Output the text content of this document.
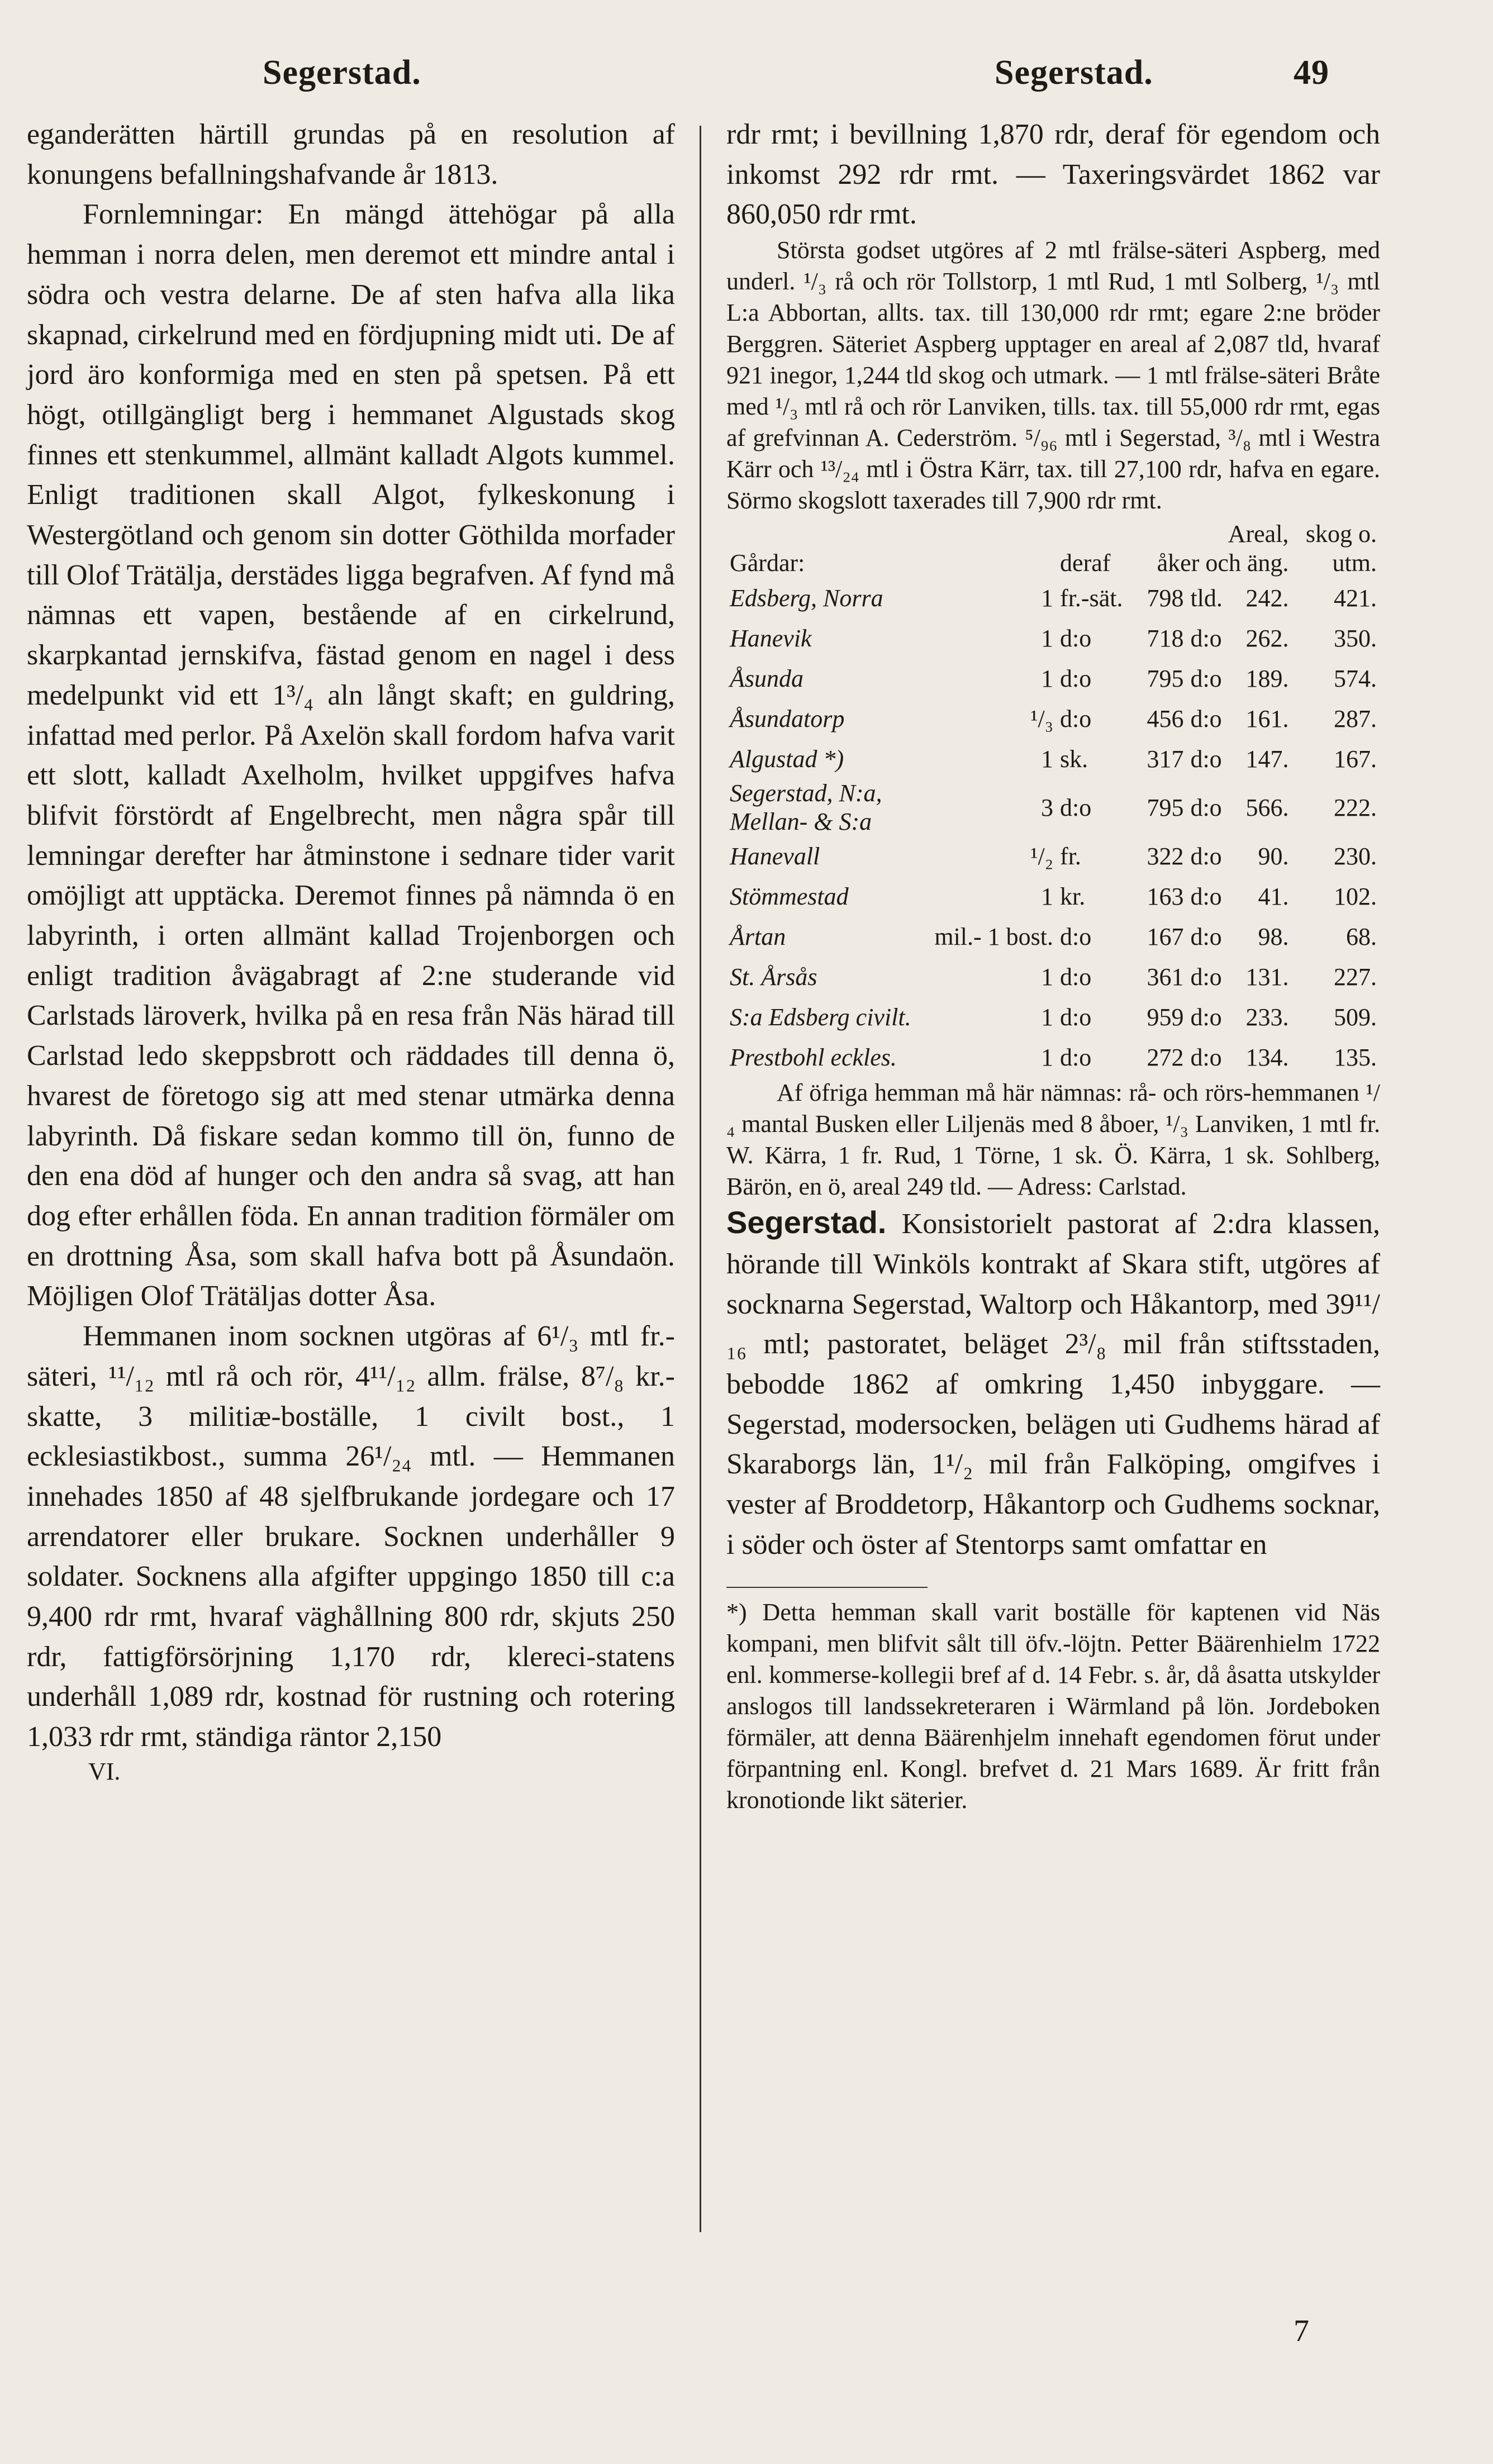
Segerstad.	Segerstad.	49

eganderätten härtill grundas på en resolution af konungens befallningshafvande år 1813.

Fornlemningar: En mängd ättehögar på alla hemman i norra delen, men deremot ett mindre antal i södra och vestra delarne. De af sten hafva alla lika skapnad, cirkelrund med en fördjupning midt uti. De af jord äro konformiga med en sten på spetsen. På ett högt, otillgängligt berg i hemmanet Algustads skog finnes ett stenkummel, allmänt kalladt Algots kummel. Enligt traditionen skall Algot, fylkeskonung i Westergötland och genom sin dotter Göthilda morfader till Olof Trätälja, derstädes ligga begrafven. Af fynd må nämnas ett vapen, bestående af en cirkelrund, skarpkantad jernskifva, fästad genom en nagel i dess medelpunkt vid ett 1³/₄ aln långt skaft; en guldring, infattad med perlor. På Axelön skall fordom hafva varit ett slott, kalladt Axelholm, hvilket uppgifves hafva blifvit förstördt af Engelbrecht, men några spår till lemningar derefter har åtminstone i sednare tider varit omöjligt att upptäcka. Deremot finnes på nämnda ö en labyrinth, i orten allmänt kallad Trojenborgen och enligt tradition åvägabragt af 2:ne studerande vid Carlstads läroverk, hvilka på en resa från Näs härad till Carlstad ledo skeppsbrott och räddades till denna ö, hvarest de företogo sig att med stenar utmärka denna labyrinth. Då fiskare sedan kommo till ön, funno de den ena död af hunger och den andra så svag, att han dog efter erhållen föda. En annan tradition förmäler om en drottning Åsa, som skall hafva bott på Åsundaön. Möjligen Olof Trätäljas dotter Åsa.

Hemmanen inom socknen utgöras af 6¹/₃ mtl fr.-säteri, ¹¹/₁₂ mtl rå och rör, 4¹¹/₁₂ allm. frälse, 8⁷/₈ kr.-skatte, 3 militiæ-boställe, 1 civilt bost., 1 ecklesiastikbost., summa 26¹/₂₄ mtl. — Hemmanen innehades 1850 af 48 sjelfbrukande jordegare och 17 arrendatorer eller brukare. Socknen underhåller 9 soldater. Socknens alla afgifter uppgingo 1850 till c:a 9,400 rdr rmt, hvaraf väghållning 800 rdr, skjuts 250 rdr, fattigförsörjning 1,170 rdr, klereci-statens underhåll 1,089 rdr, kostnad för rustning och rotering 1,033 rdr rmt, ständiga räntor 2,150

VI.

rdr rmt; i bevillning 1,870 rdr, deraf för egendom och inkomst 292 rdr rmt. — Taxeringsvärdet 1862 var 860,050 rdr rmt.

Största godset utgöres af 2 mtl frälse-säteri Aspberg, med underl. ¹/₃ rå och rör Tollstorp, 1 mtl Rud, 1 mtl Solberg, ¹/₃ mtl L:a Abbortan, allts. tax. till 130,000 rdr rmt; egare 2:ne bröder Berggren. Säteriet Aspberg upptager en areal af 2,087 tld, hvaraf 921 inegor, 1,244 tld skog och utmark. — 1 mtl frälse-säteri Bråte med ¹/₃ mtl rå och rör Lanviken, tills. tax. till 55,000 rdr rmt, egas af grefvinnan A. Cederström. ⁵/₉₆ mtl i Segerstad, ³/₈ mtl i Westra Kärr och ¹³/₂₄ mtl i Östra Kärr, tax. till 27,100 rdr, hafva en egare. Sörmo skogslott taxerades till 7,900 rdr rmt.

			Areal,			skog o.
Gårdar:		deraf	åker och äng.			utm.
Edsberg, Norra	1	fr.-sät.	798	tld.	242.	421.
Hanevik	1	d:o	718	d:o	262.	350.
Åsunda	1	d:o	795	d:o	189.	574.
Åsundatorp	¹/₃	d:o	456	d:o	161.	287.
Algustad *)	1	sk.	317	d:o	147.	167.
Segerstad, N:a, Mellan- & S:a	3	d:o	795	d:o	566.	222.
Hanevall	¹/₂	fr.	322	d:o	90.	230.
Stömmestad	1	kr.	163	d:o	41.	102.
Årtan	mil.- 1 bost.	d:o	167	d:o	98.	68.
St. Årsås	1	d:o	361	d:o	131.	227.
S:a Edsberg civilt.	1	d:o	959	d:o	233.	509.
Prestbohl eckles.	1	d:o	272	d:o	134.	135.

Af öfriga hemman må här nämnas: rå- och rörs-hemmanen ¹/₄ mantal Busken eller Liljenäs med 8 åboer, ¹/₃ Lanviken, 1 mtl fr. W. Kärra, 1 fr. Rud, 1 Törne, 1 sk. Ö. Kärra, 1 sk. Sohlberg, Bärön, en ö, areal 249 tld. — Adress: Carlstad.

Segerstad. Konsistorielt pastorat af 2:dra klassen, hörande till Winköls kontrakt af Skara stift, utgöres af socknarna Segerstad, Waltorp och Håkantorp, med 39¹¹/₁₆ mtl; pastoratet, beläget 2³/₈ mil från stiftsstaden, bebodde 1862 af omkring 1,450 inbyggare. — Segerstad, modersocken, belägen uti Gudhems härad af Skaraborgs län, 1¹/₂ mil från Falköping, omgifves i vester af Broddetorp, Håkantorp och Gudhems socknar, i söder och öster af Stentorps samt omfattar en

*) Detta hemman skall varit boställe för kaptenen vid Näs kompani, men blifvit sålt till öfv.-löjtn. Petter Bäärenhielm 1722 enl. kommerse-kollegii bref af d. 14 Febr. s. år, då åsatta utskylder anslogos till landssekreteraren i Wärmland på lön. Jordeboken förmäler, att denna Bäärenhjelm innehaft egendomen förut under förpantning enl. Kongl. brefvet d. 21 Mars 1689. Är fritt från kronotionde likt säterier.

7
